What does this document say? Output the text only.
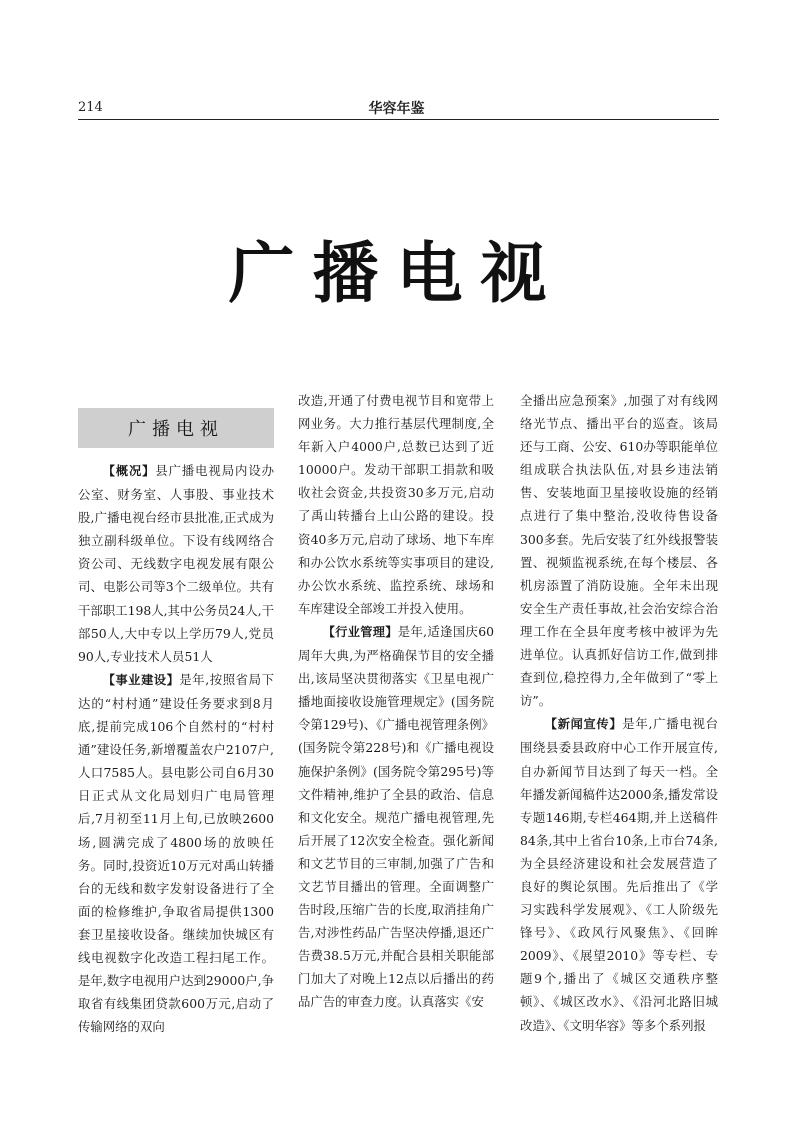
214	华容年鉴
广播电视
广播电视

【概况】县广播电视局内设办公室、财务室、人事股、事业技术股,广播电视台经市县批准,正式成为独立副科级单位。下设有线网络合资公司、无线数字电视发展有限公司、电影公司等3个二级单位。共有干部职工198人,其中公务员24人,干部50人,大中专以上学历79人,党员90人,专业技术人员51人

【事业建设】是年,按照省局下达的“村村通”建设任务要求到8月底,提前完成106个自然村的“村村通”建设任务,新增覆盖农户2107户,人口7585人。县电影公司自6月30日正式从文化局划归广电局管理后,7月初至11月上旬,已放映2600场,圆满完成了4800场的放映任务。同时,投资近10万元对禹山转播台的无线和数字发射设备进行了全面的检修维护,争取省局提供1300套卫星接收设备。继续加快城区有线电视数字化改造工程扫尾工作。是年,数字电视用户达到29000户,争取省有线集团贷款600万元,启动了传输网络的双向

改造,开通了付费电视节目和宽带上网业务。大力推行基层代理制度,全年新入户4000户,总数已达到了近10000户。发动干部职工捐款和吸收社会资金,共投资30多万元,启动了禹山转播台上山公路的建设。投资40多万元,启动了球场、地下车库和办公饮水系统等实事项目的建设,办公饮水系统、监控系统、球场和车库建设全部竣工并投入使用。

【行业管理】是年,适逢国庆60周年大典,为严格确保节目的安全播出,该局坚决贯彻落实《卫星电视广播地面接收设施管理规定》(国务院令第129号)、《广播电视管理条例》(国务院令第228号)和《广播电视设施保护条例》(国务院令第295号)等文件精神,维护了全县的政治、信息和文化安全。规范广播电视管理,先后开展了12次安全检查。强化新闻和文艺节目的三审制,加强了广告和文艺节目播出的管理。全面调整广告时段,压缩广告的长度,取消挂角广告,对涉性药品广告坚决停播,退还广告费38.5万元,并配合县相关职能部门加大了对晚上12点以后播出的药品广告的审查力度。认真落实《安

全播出应急预案》,加强了对有线网络光节点、播出平台的巡查。该局还与工商、公安、610办等职能单位组成联合执法队伍,对县乡违法销售、安装地面卫星接收设施的经销点进行了集中整治,没收待售设备300多套。先后安装了红外线报警装置、视频监视系统,在每个楼层、各机房添置了消防设施。全年未出现安全生产责任事故,社会治安综合治理工作在全县年度考核中被评为先进单位。认真抓好信访工作,做到排查到位,稳控得力,全年做到了“零上访”。

【新闻宣传】是年,广播电视台围绕县委县政府中心工作开展宣传,自办新闻节目达到了每天一档。全年播发新闻稿件达2000条,播发常设专题146期,专栏464期,并上送稿件84条,其中上省台10条,上市台74条,为全县经济建设和社会发展营造了良好的舆论氛围。先后推出了《学习实践科学发展观》、《工人阶级先锋号》、《政风行风聚焦》、《回眸2009》、《展望2010》等专栏、专题9个,播出了《城区交通秩序整顿》、《城区改水》、《沿河北路旧城改造》、《文明华容》等多个系列报
